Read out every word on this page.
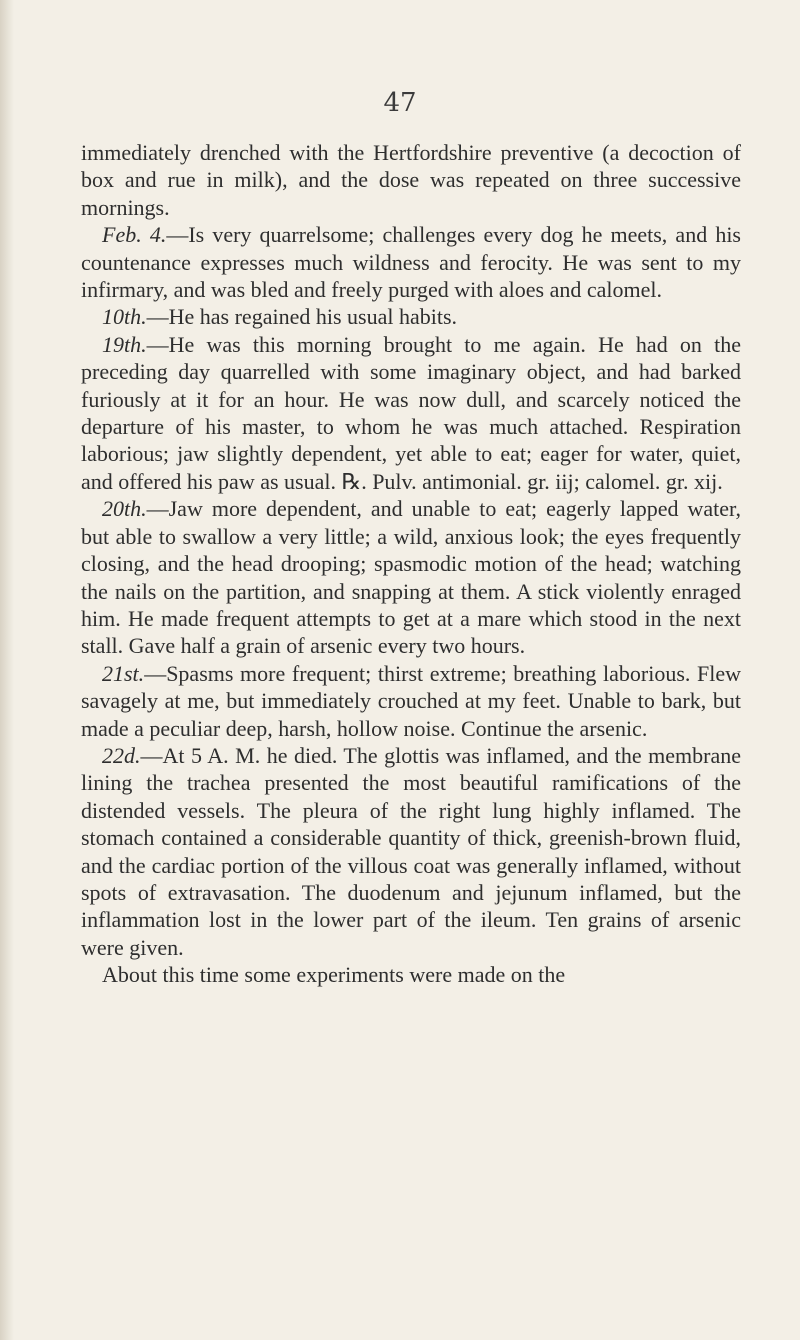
47

immediately drenched with the Hertfordshire preventive (a decoction of box and rue in milk), and the dose was repeated on three successive mornings.

Feb. 4.—Is very quarrelsome; challenges every dog he meets, and his countenance expresses much wildness and ferocity. He was sent to my infirmary, and was bled and freely purged with aloes and calomel.

10th.—He has regained his usual habits.

19th.—He was this morning brought to me again. He had on the preceding day quarrelled with some imaginary object, and had barked furiously at it for an hour. He was now dull, and scarcely noticed the departure of his master, to whom he was much attached. Respiration laborious; jaw slightly dependent, yet able to eat; eager for water, quiet, and offered his paw as usual. ℞. Pulv. antimonial. gr. iij; calomel. gr. xij.

20th.—Jaw more dependent, and unable to eat; eagerly lapped water, but able to swallow a very little; a wild, anxious look; the eyes frequently closing, and the head drooping; spasmodic motion of the head; watching the nails on the partition, and snapping at them. A stick violently enraged him. He made frequent attempts to get at a mare which stood in the next stall. Gave half a grain of arsenic every two hours.

21st.—Spasms more frequent; thirst extreme; breathing laborious. Flew savagely at me, but immediately crouched at my feet. Unable to bark, but made a peculiar deep, harsh, hollow noise. Continue the arsenic.

22d.—At 5 A. M. he died. The glottis was inflamed, and the membrane lining the trachea presented the most beautiful ramifications of the distended vessels. The pleura of the right lung highly inflamed. The stomach contained a considerable quantity of thick, greenish-brown fluid, and the cardiac portion of the villous coat was generally inflamed, without spots of extravasation. The duodenum and jejunum inflamed, but the inflammation lost in the lower part of the ileum. Ten grains of arsenic were given.

About this time some experiments were made on the
